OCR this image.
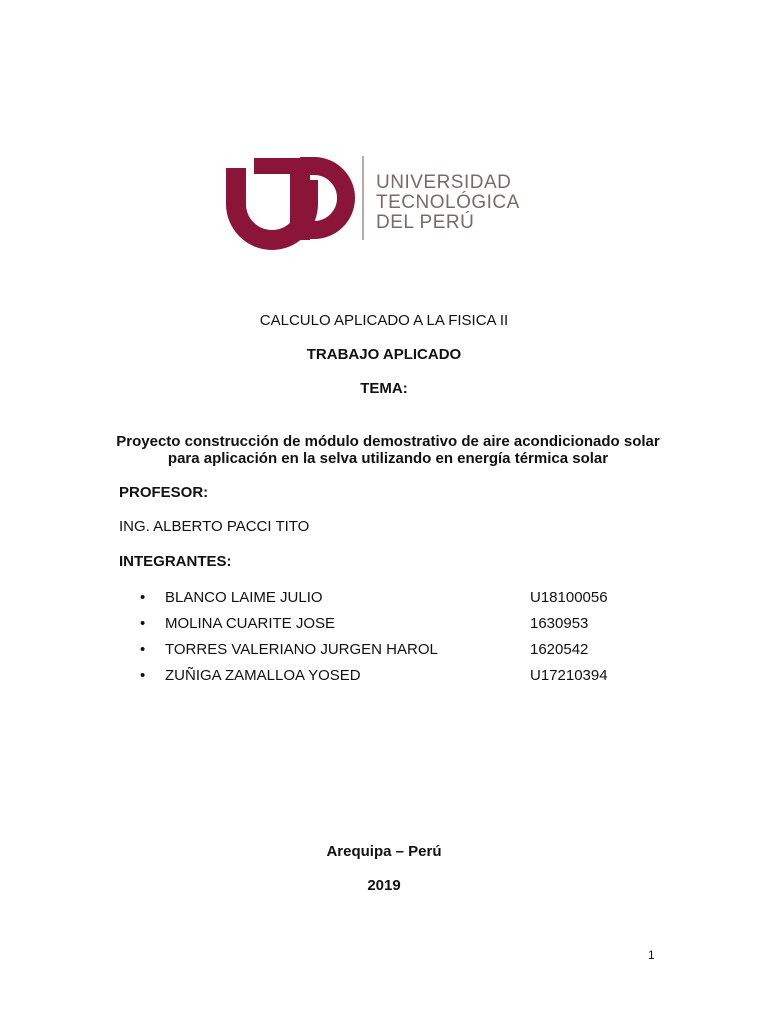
UNIVERSIDAD
TECNOLÓGICA
DEL PERÚ
CALCULO APLICADO A LA FISICA II
TRABAJO APLICADO
TEMA:
Proyecto construcción de módulo demostrativo de aire acondicionado solar para aplicación en la selva utilizando en energía térmica solar
PROFESOR:
ING. ALBERTO PACCI TITO
INTEGRANTES:
•	BLANCO LAIME JULIO	U18100056
•	MOLINA CUARITE JOSE	1630953
•	TORRES VALERIANO JURGEN HAROL	1620542
•	ZUÑIGA ZAMALLOA YOSED	U17210394
Arequipa – Perú
2019
1
